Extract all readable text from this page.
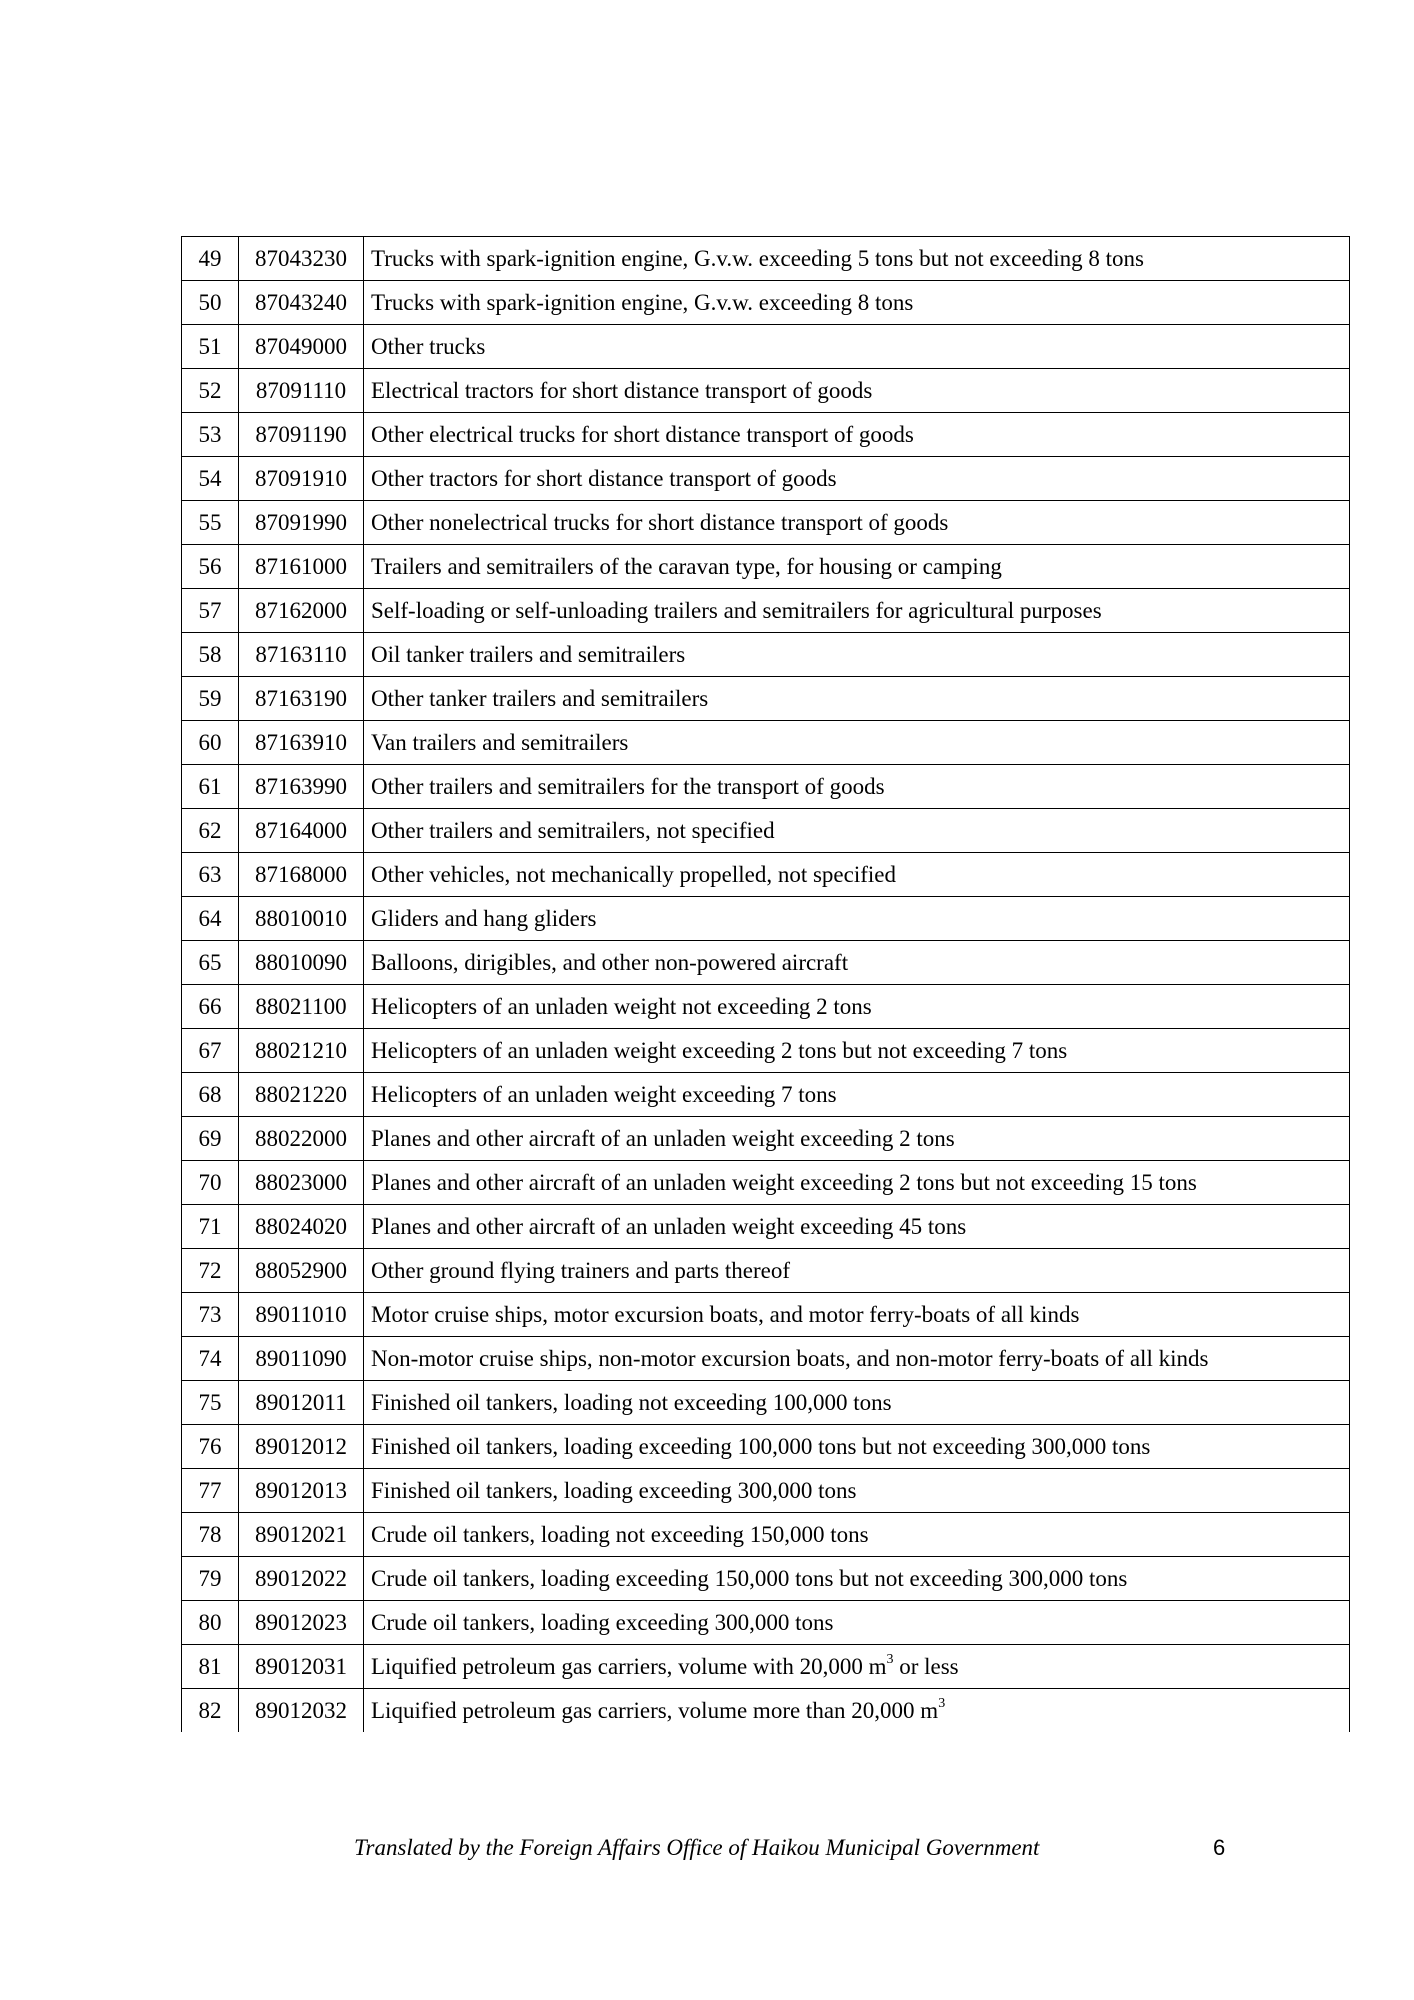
49	87043230	Trucks with spark-ignition engine, G.v.w. exceeding 5 tons but not exceeding 8 tons
50	87043240	Trucks with spark-ignition engine, G.v.w. exceeding 8 tons
51	87049000	Other trucks
52	87091110	Electrical tractors for short distance transport of goods
53	87091190	Other electrical trucks for short distance transport of goods
54	87091910	Other tractors for short distance transport of goods
55	87091990	Other nonelectrical trucks for short distance transport of goods
56	87161000	Trailers and semitrailers of the caravan type, for housing or camping
57	87162000	Self-loading or self-unloading trailers and semitrailers for agricultural purposes
58	87163110	Oil tanker trailers and semitrailers
59	87163190	Other tanker trailers and semitrailers
60	87163910	Van trailers and semitrailers
61	87163990	Other trailers and semitrailers for the transport of goods
62	87164000	Other trailers and semitrailers, not specified
63	87168000	Other vehicles, not mechanically propelled, not specified
64	88010010	Gliders and hang gliders
65	88010090	Balloons, dirigibles, and other non-powered aircraft
66	88021100	Helicopters of an unladen weight not exceeding 2 tons
67	88021210	Helicopters of an unladen weight exceeding 2 tons but not exceeding 7 tons
68	88021220	Helicopters of an unladen weight exceeding 7 tons
69	88022000	Planes and other aircraft of an unladen weight exceeding 2 tons
70	88023000	Planes and other aircraft of an unladen weight exceeding 2 tons but not exceeding 15 tons
71	88024020	Planes and other aircraft of an unladen weight exceeding 45 tons
72	88052900	Other ground flying trainers and parts thereof
73	89011010	Motor cruise ships, motor excursion boats, and motor ferry-boats of all kinds
74	89011090	Non-motor cruise ships, non-motor excursion boats, and non-motor ferry-boats of all kinds
75	89012011	Finished oil tankers, loading not exceeding 100,000 tons
76	89012012	Finished oil tankers, loading exceeding 100,000 tons but not exceeding 300,000 tons
77	89012013	Finished oil tankers, loading exceeding 300,000 tons
78	89012021	Crude oil tankers, loading not exceeding 150,000 tons
79	89012022	Crude oil tankers, loading exceeding 150,000 tons but not exceeding 300,000 tons
80	89012023	Crude oil tankers, loading exceeding 300,000 tons
81	89012031	Liquified petroleum gas carriers, volume with 20,000 $m^3$ or less
82	89012032	Liquified petroleum gas carriers, volume more than 20,000 $m^3$
Translated by the Foreign Affairs Office of Haikou Municipal Government	6
